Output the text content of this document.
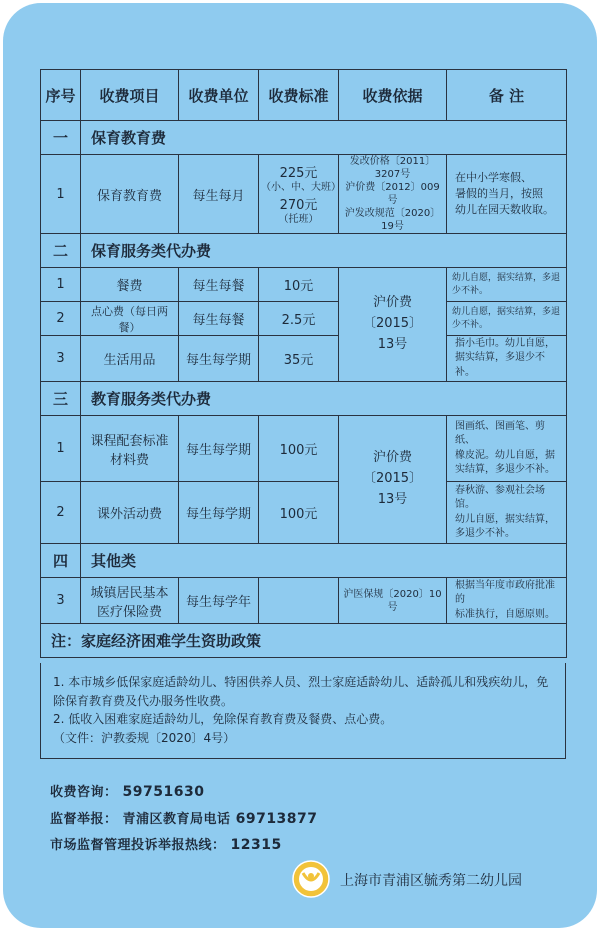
序号	收费项目	收费单位	收费标准	收费依据	备 注
一	保育教育费				
1	保育教育费	每生每月	225元
（小、中、大班）
270元
（托班）	发改价格〔2011〕3207号
沪价费〔2012〕009号
沪发改规范〔2020〕19号	在中小学寒假、
暑假的当月，按照
幼儿在园天数收取。

二	保育服务类代办费				
1	餐费	每生每餐	10元	沪价费
〔2015〕
13号	幼儿自愿，据实结算，多退少不补。
2	点心费（每日两餐）	每生每餐	2.5元		幼儿自愿，据实结算，多退少不补。
3	生活用品	每生每学期	35元		指小毛巾。幼儿自愿，
据实结算，多退少不补。

三	教育服务类代办费				
1	课程配套标准
材料费	每生每学期	100元	沪价费
〔2015〕
13号	图画纸、图画笔、剪纸、
橡皮泥。幼儿自愿，据
实结算，多退少不补。

2	课外活动费	每生每学期	100元		春秋游、参观社会场馆。
幼儿自愿，据实结算，
多退少不补。

四	其他类				
3	城镇居民基本
医疗保险费	每生每学年		沪医保规〔2020〕10号	根据当年度市政府批准的
标准执行，自愿原则。

注：家庭经济困难学生资助政策					

1. 本市城乡低保家庭适龄幼儿、特困供养人员、烈士家庭适龄幼儿、适龄孤儿和残疾幼儿，免除保育教育费及代办服务性收费。

2. 低收入困难家庭适龄幼儿，免除保育教育费及餐费、点心费。

（文件：沪教委规〔2020〕4号）

收费咨询： 59751630
监督举报： 青浦区教育局电话 69713877
市场监督管理投诉举报热线： 12315
上海市青浦区毓秀第二幼儿园
